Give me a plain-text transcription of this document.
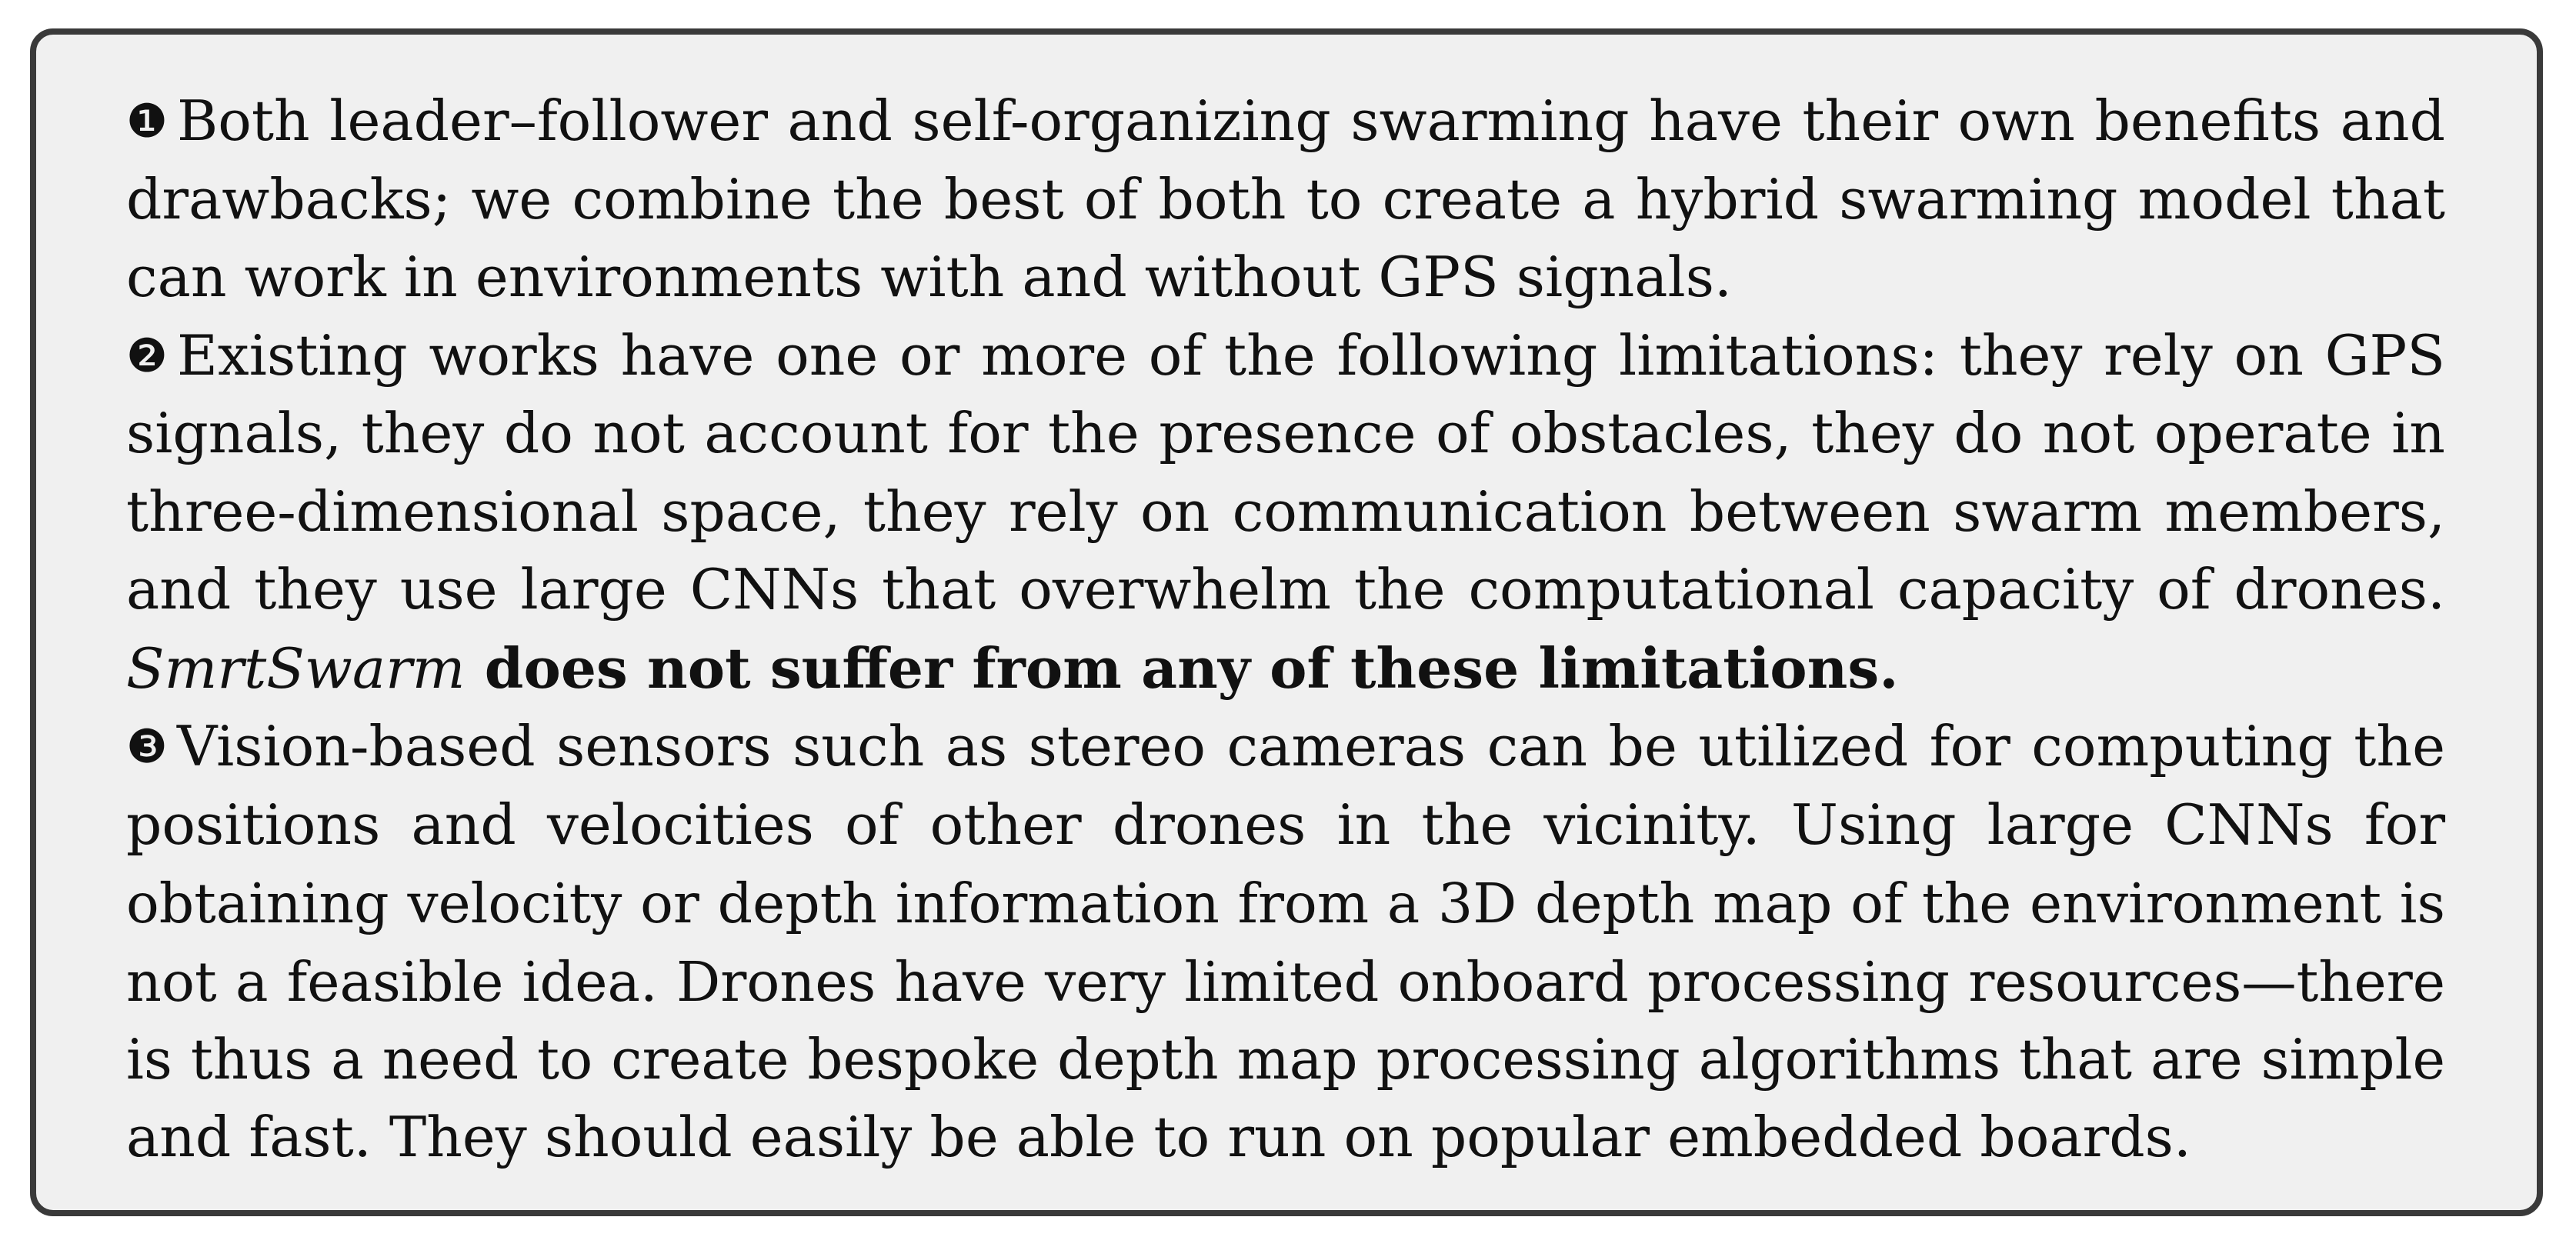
❶ Both leader–follower and self-organizing swarming have their own benefits and
drawbacks; we combine the best of both to create a hybrid swarming model that
can work in environments with and without GPS signals.
❷ Existing works have one or more of the following limitations: they rely on GPS
signals, they do not account for the presence of obstacles, they do not operate in
three-dimensional space, they rely on communication between swarm members,
and they use large CNNs that overwhelm the computational capacity of drones.
SmrtSwarm does not suffer from any of these limitations.
❸ Vision-based sensors such as stereo cameras can be utilized for computing the
positions and velocities of other drones in the vicinity. Using large CNNs for
obtaining velocity or depth information from a 3D depth map of the environment is
not a feasible idea. Drones have very limited onboard processing resources—there
is thus a need to create bespoke depth map processing algorithms that are simple
and fast. They should easily be able to run on popular embedded boards.
